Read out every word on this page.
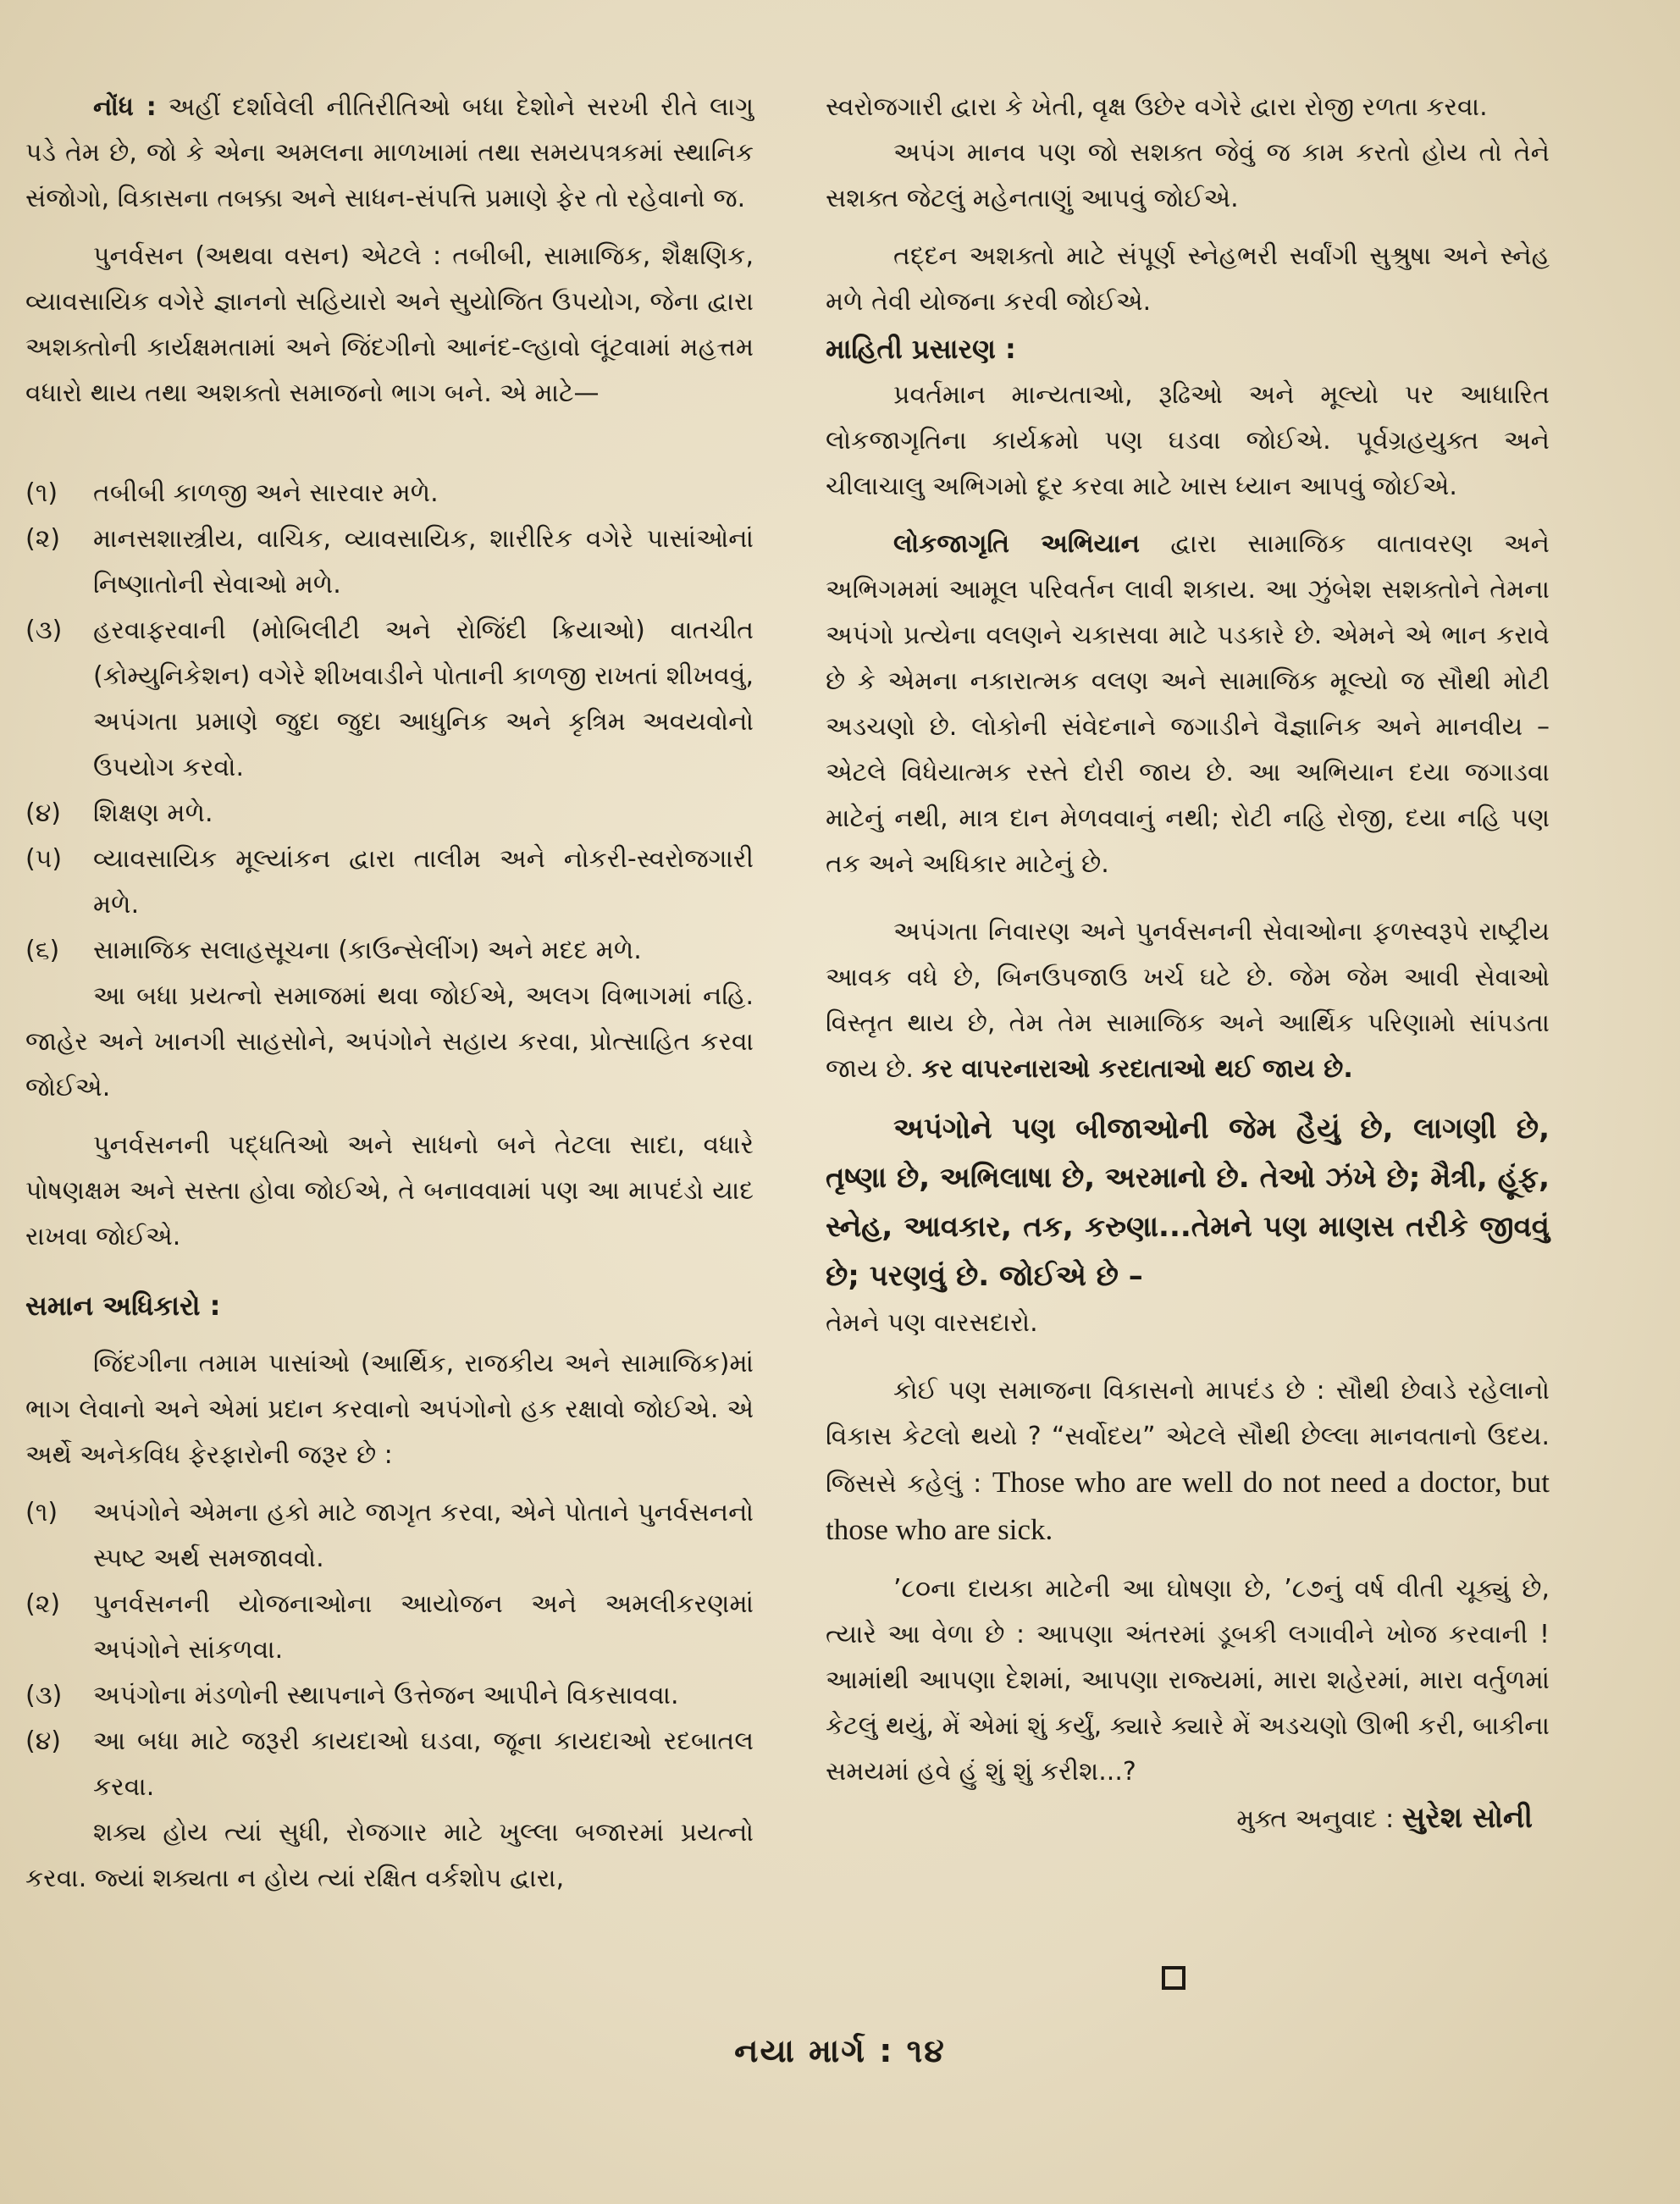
નોંધ : અહીં દર્શાવેલી નીતિરીતિઓ બધા દેશોને સરખી રીતે લાગુ પડે તેમ છે, જો કે એના અમલના માળખામાં તથા સમયપત્રકમાં સ્થાનિક સંજોગો, વિકાસના તબક્કા અને સાધન-સંપત્તિ પ્રમાણે ફેર તો રહેવાનો જ.

પુનર્વસન (અથવા વસન) એટલે : તબીબી, સામાજિક, શૈક્ષણિક, વ્યાવસાયિક વગેરે જ્ઞાનનો સહિયારો અને સુયોજિત ઉપયોગ, જેના દ્વારા અશક્તોની કાર્યક્ષમતામાં અને જિંદગીનો આનંદ-લ્હાવો લૂંટવામાં મહત્તમ વધારો થાય તથા અશક્તો સમાજનો ભાગ બને. એ માટે—

(૧)	તબીબી કાળજી અને સારવાર મળે.
(૨)	માનસશાસ્ત્રીય, વાચિક, વ્યાવસાયિક, શારીરિક વગેરે પાસાંઓનાં નિષ્ણાતોની સેવાઓ મળે.
(૩)	હરવાફરવાની (મોબિલીટી અને રોજિંદી ક્રિયાઓ) વાતચીત (કોમ્યુનિકેશન) વગેરે શીખવાડીને પોતાની કાળજી રાખતાં શીખવવું, અપંગતા પ્રમાણે જુદા જુદા આધુનિક અને કૃત્રિમ અવયવોનો ઉપયોગ કરવો.
(૪)	શિક્ષણ મળે.
(૫)	વ્યાવસાયિક મૂલ્યાંકન દ્વારા તાલીમ અને નોકરી-સ્વરોજગારી મળે.
(૬)	સામાજિક સલાહસૂચના (કાઉન્સેલીંગ) અને મદદ મળે.

આ બધા પ્રયત્નો સમાજમાં થવા જોઈએ, અલગ વિભાગમાં નહિ. જાહેર અને ખાનગી સાહસોને, અપંગોને સહાય કરવા, પ્રોત્સાહિત કરવા જોઈએ.

પુનર્વસનની પદ્ધતિઓ અને સાધનો બને તેટલા સાદા, વધારે પોષણક્ષમ અને સસ્તા હોવા જોઈએ, તે બનાવવામાં પણ આ માપદંડો યાદ રાખવા જોઈએ.

સમાન અધિકારો :

જિંદગીના તમામ પાસાંઓ (આર્થિક, રાજકીય અને સામાજિક)માં ભાગ લેવાનો અને એમાં પ્રદાન કરવાનો અપંગોનો હક રક્ષાવો જોઈએ. એ અર્થે અનેકવિધ ફેરફારોની જરૂર છે :

(૧)	અપંગોને એમના હકો માટે જાગૃત કરવા, એને પોતાને પુનર્વસનનો સ્પષ્ટ અર્થ સમજાવવો.
(૨)	પુનર્વસનની યોજનાઓના આયોજન અને અમલીકરણમાં અપંગોને સાંકળવા.
(૩)	અપંગોના મંડળોની સ્થાપનાને ઉત્તેજન આપીને વિકસાવવા.
(૪)	આ બધા માટે જરૂરી કાયદાઓ ઘડવા, જૂના કાયદાઓ રદબાતલ કરવા.

શક્ય હોય ત્યાં સુધી, રોજગાર માટે ખુલ્લા બજારમાં પ્રયત્નો કરવા. જ્યાં શક્યતા ન હોય ત્યાં રક્ષિત વર્કશોપ દ્વારા,

સ્વરોજગારી દ્વારા કે ખેતી, વૃક્ષ ઉછેર વગેરે દ્વારા રોજી રળતા કરવા.

અપંગ માનવ પણ જો સશક્ત જેવું જ કામ કરતો હોય તો તેને સશક્ત જેટલું મહેનતાણું આપવું જોઈએ.

તદ્દન અશક્તો માટે સંપૂર્ણ સ્નેહભરી સર્વાંગી સુશ્રુષા અને સ્નેહ મળે તેવી યોજના કરવી જોઈએ.

માહિતી પ્રસારણ :

પ્રવર્તમાન માન્યતાઓ, રૂઢિઓ અને મૂલ્યો પર આધારિત લોકજાગૃતિના કાર્યક્રમો પણ ઘડવા જોઈએ. પૂર્વગ્રહયુક્ત અને ચીલાચાલુ અભિગમો દૂર કરવા માટે ખાસ ધ્યાન આપવું જોઈએ.

લોકજાગૃતિ અભિયાન દ્વારા સામાજિક વાતાવરણ અને અભિગમમાં આમૂલ પરિવર્તન લાવી શકાય. આ ઝુંબેશ સશક્તોને તેમના અપંગો પ્રત્યેના વલણને ચકાસવા માટે પડકારે છે. એમને એ ભાન કરાવે છે કે એમના નકારાત્મક વલણ અને સામાજિક મૂલ્યો જ સૌથી મોટી અડચણો છે. લોકોની સંવેદનાને જગાડીને વૈજ્ઞાનિક અને માનવીય – એટલે વિધેયાત્મક રસ્તે દોરી જાય છે. આ અભિયાન દયા જગાડવા માટેનું નથી, માત્ર દાન મેળવવાનું નથી; રોટી નહિ રોજી, દયા નહિ પણ તક અને અધિકાર માટેનું છે.

અપંગતા નિવારણ અને પુનર્વસનની સેવાઓના ફળસ્વરૂપે રાષ્ટ્રીય આવક વધે છે, બિનઉપજાઉ ખર્ચ ઘટે છે. જેમ જેમ આવી સેવાઓ વિસ્તૃત થાય છે, તેમ તેમ સામાજિક અને આર્થિક પરિણામો સાંપડતા જાય છે. કર વાપરનારાઓ કરદાતાઓ થઈ જાય છે.

અપંગોને પણ બીજાઓની જેમ હૈયું છે, લાગણી છે, તૃષ્ણા છે, અભિલાષા છે, અરમાનો છે. તેઓ ઝંખે છે; મૈત્રી, હૂંફ, સ્નેહ, આવકાર, તક, કરુણા...તેમને પણ માણસ તરીકે જીવવું છે; પરણવું છે. જોઈએ છે –

તેમને પણ વારસદારો.

કોઈ પણ સમાજના વિકાસનો માપદંડ છે : સૌથી છેવાડે રહેલાનો વિકાસ કેટલો થયો ? “સર્વોદય” એટલે સૌથી છેલ્લા માનવતાનો ઉદય. જિસસે કહેલું : Those who are well do not need a doctor, but those who are sick.

’૮૦ના દાયકા માટેની આ ઘોષણા છે, ’૮૭નું વર્ષ વીતી ચૂક્યું છે, ત્યારે આ વેળા છે : આપણા અંતરમાં ડૂબકી લગાવીને ખોજ કરવાની ! આમાંથી આપણા દેશમાં, આપણા રાજ્યમાં, મારા શહેરમાં, મારા વર્તુળમાં કેટલું થયું, મેં એમાં શું કર્યું, ક્યારે ક્યારે મેં અડચણો ઊભી કરી, બાકીના સમયમાં હવે હું શું શું કરીશ...?

મુક્ત અનુવાદ : સુરેશ સોની

નયા માર્ગ : ૧૪
